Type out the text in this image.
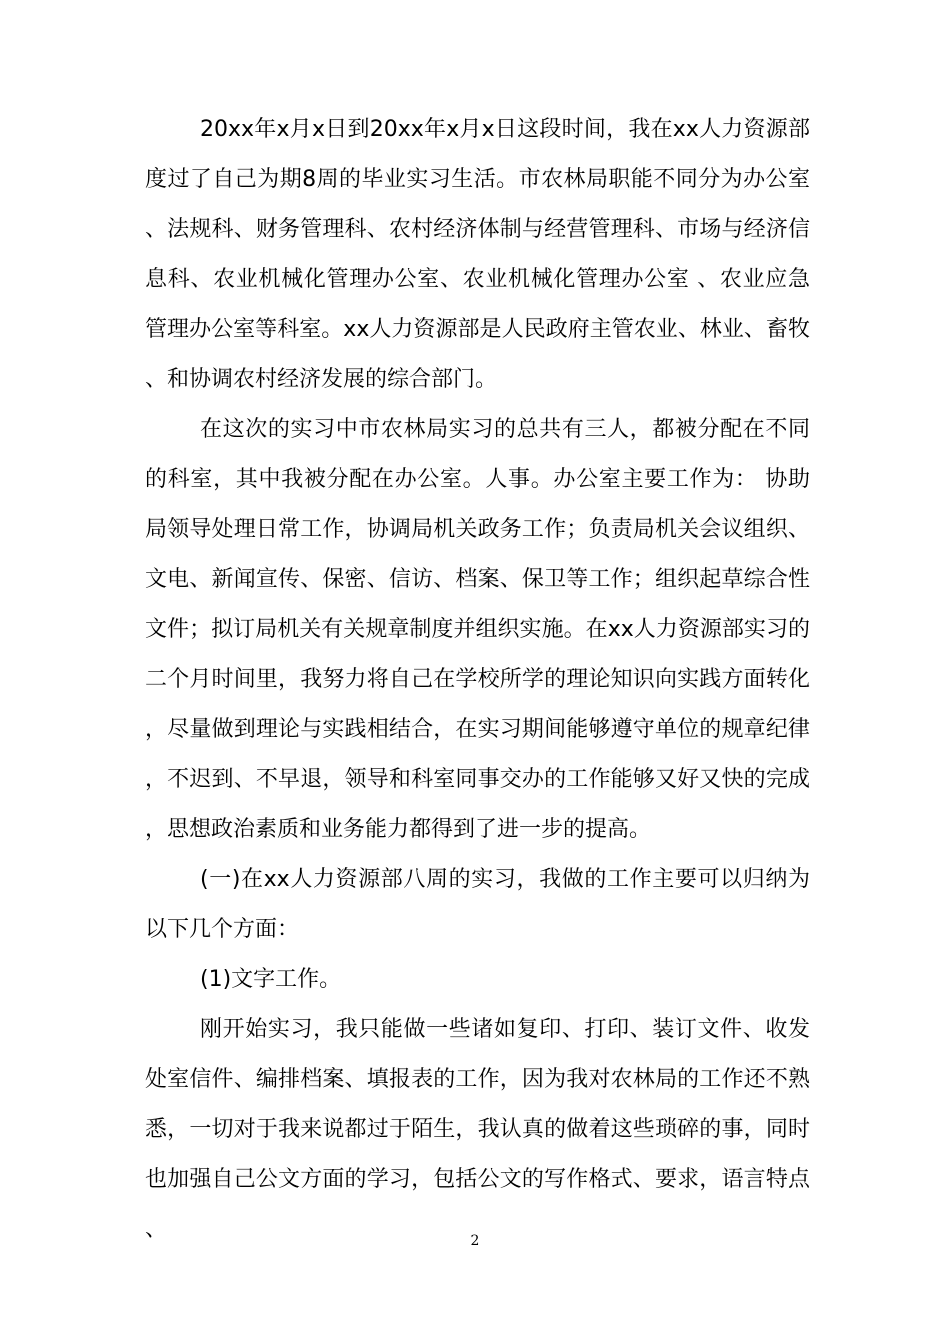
20xx年x月x日到20xx年x月x日这段时间，我在xx人力资源部度过了自己为期8周的毕业实习生活。市农林局职能不同分为办公室、法规科、财务管理科、农村经济体制与经营管理科、市场与经济信息科、农业机械化管理办公室、农业机械化管理办公室 、农业应急管理办公室等科室。xx人力资源部是人民政府主管农业、林业、畜牧、和协调农村经济发展的综合部门。

在这次的实习中市农林局实习的总共有三人，都被分配在不同的科室，其中我被分配在办公室。人事。办公室主要工作为： 协助局领导处理日常工作，协调局机关政务工作；负责局机关会议组织、文电、新闻宣传、保密、信访、档案、保卫等工作；组织起草综合性文件；拟订局机关有关规章制度并组织实施。在xx人力资源部实习的二个月时间里，我努力将自己在学校所学的理论知识向实践方面转化，尽量做到理论与实践相结合，在实习期间能够遵守单位的规章纪律，不迟到、不早退，领导和科室同事交办的工作能够又好又快的完成，思想政治素质和业务能力都得到了进一步的提高。

(一)在xx人力资源部八周的实习，我做的工作主要可以归纳为以下几个方面：

(1)文字工作。

刚开始实习，我只能做一些诸如复印、打印、装订文件、收发处室信件、编排档案、填报表的工作，因为我对农林局的工作还不熟悉，一切对于我来说都过于陌生，我认真的做着这些琐碎的事，同时也加强自己公文方面的学习，包括公文的写作格式、要求，语言特点、	2
